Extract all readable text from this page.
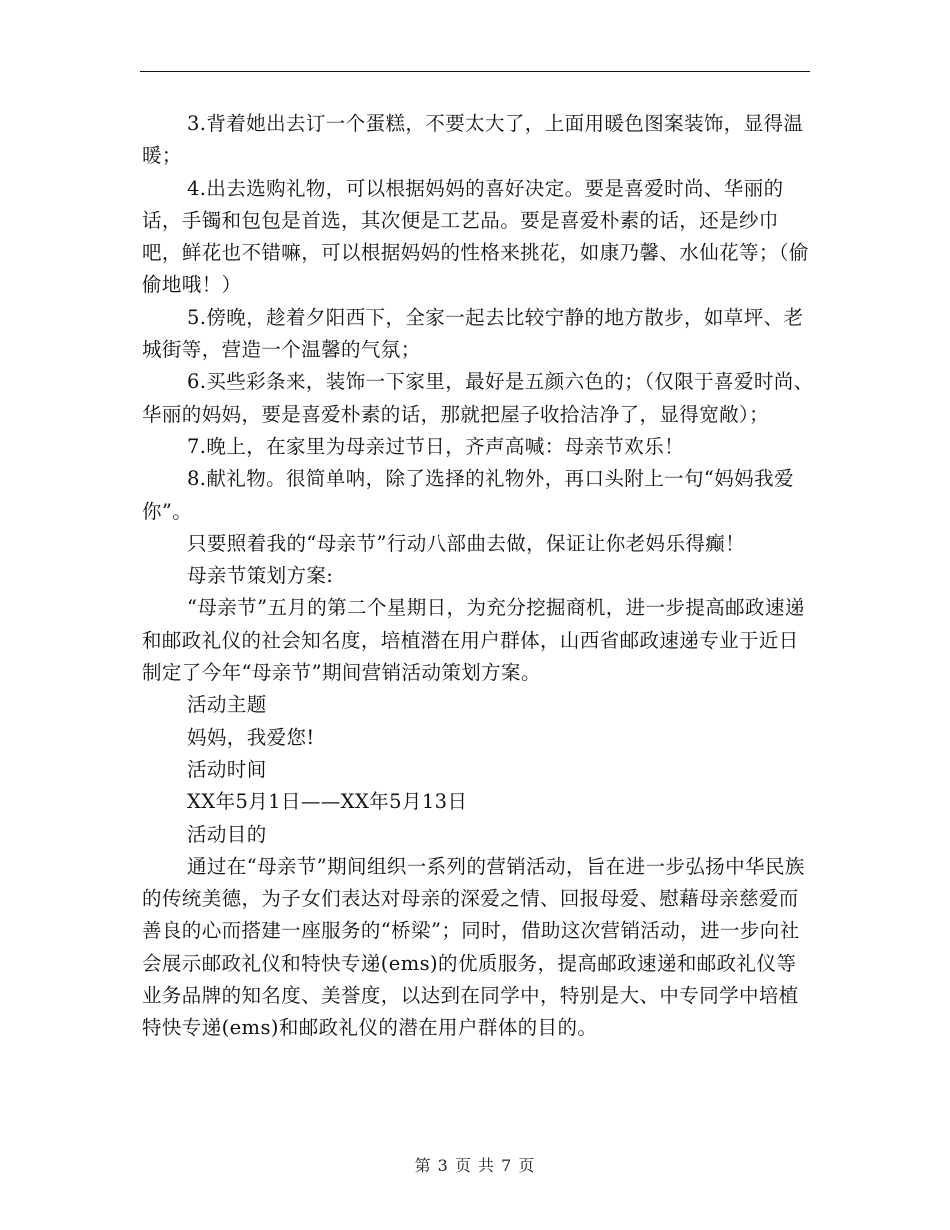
3.背着她出去订一个蛋糕，不要太大了，上面用暖色图案装饰，显得温暖；

4.出去选购礼物，可以根据妈妈的喜好决定。要是喜爱时尚、华丽的话，手镯和包包是首选，其次便是工艺品。要是喜爱朴素的话，还是纱巾吧，鲜花也不错嘛，可以根据妈妈的性格来挑花，如康乃馨、水仙花等；（偷偷地哦！）

5.傍晚，趁着夕阳西下，全家一起去比较宁静的地方散步，如草坪、老城街等，营造一个温馨的气氛；

6.买些彩条来，装饰一下家里，最好是五颜六色的；（仅限于喜爱时尚、华丽的妈妈，要是喜爱朴素的话，那就把屋子收拾洁净了，显得宽敞）；

7.晚上，在家里为母亲过节日，齐声高喊：母亲节欢乐！

8.献礼物。很简单呐，除了选择的礼物外，再口头附上一句“妈妈我爱你”。

只要照着我的“母亲节”行动八部曲去做，保证让你老妈乐得癫！

母亲节策划方案:

“母亲节”五月的第二个星期日，为充分挖掘商机，进一步提高邮政速递和邮政礼仪的社会知名度，培植潜在用户群体，山西省邮政速递专业于近日制定了今年“母亲节”期间营销活动策划方案。

活动主题

妈妈，我爱您!

活动时间

XX年5月1日——XX年5月13日

活动目的

通过在“母亲节”期间组织一系列的营销活动，旨在进一步弘扬中华民族的传统美德，为子女们表达对母亲的深爱之情、回报母爱、慰藉母亲慈爱而善良的心而搭建一座服务的“桥梁”；同时，借助这次营销活动，进一步向社会展示邮政礼仪和特快专递(ems)的优质服务，提高邮政速递和邮政礼仪等业务品牌的知名度、美誉度，以达到在同学中，特别是大、中专同学中培植特快专递(ems)和邮政礼仪的潜在用户群体的目的。

第 3 页 共 7 页
